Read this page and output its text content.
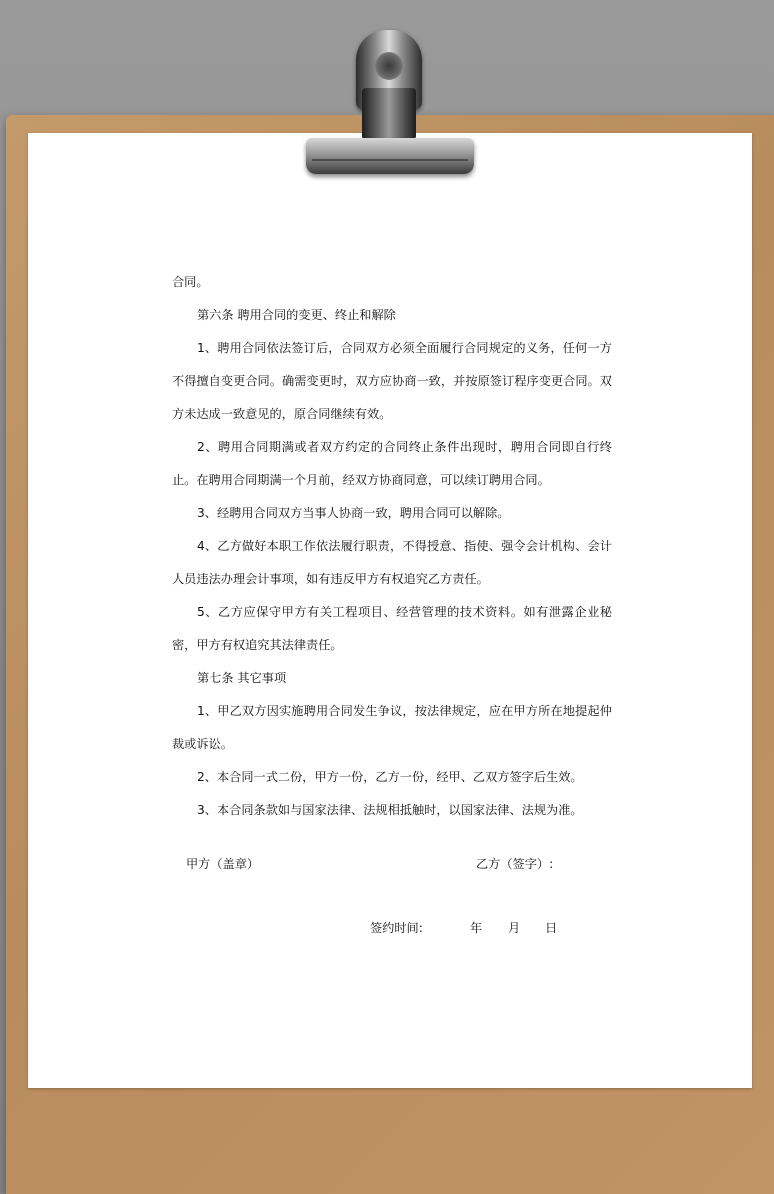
合同。

第六条 聘用合同的变更、终止和解除

1、聘用合同依法签订后，合同双方必须全面履行合同规定的义务，任何一方不得擅自变更合同。确需变更时，双方应协商一致，并按原签订程序变更合同。双方未达成一致意见的，原合同继续有效。

2、聘用合同期满或者双方约定的合同终止条件出现时，聘用合同即自行终止。在聘用合同期满一个月前，经双方协商同意，可以续订聘用合同。

3、经聘用合同双方当事人协商一致，聘用合同可以解除。

4、乙方做好本职工作依法履行职责，不得授意、指使、强令会计机构、会计人员违法办理会计事项，如有违反甲方有权追究乙方责任。

5、乙方应保守甲方有关工程项目、经营管理的技术资料。如有泄露企业秘密，甲方有权追究其法律责任。

第七条 其它事项

1、甲乙双方因实施聘用合同发生争议，按法律规定，应在甲方所在地提起仲裁或诉讼。

2、本合同一式二份，甲方一份，乙方一份，经甲、乙双方签字后生效。

3、本合同条款如与国家法律、法规相抵触时，以国家法律、法规为准。

甲方（盖章）	乙方（签字）:
签约时间:	年 月 日
